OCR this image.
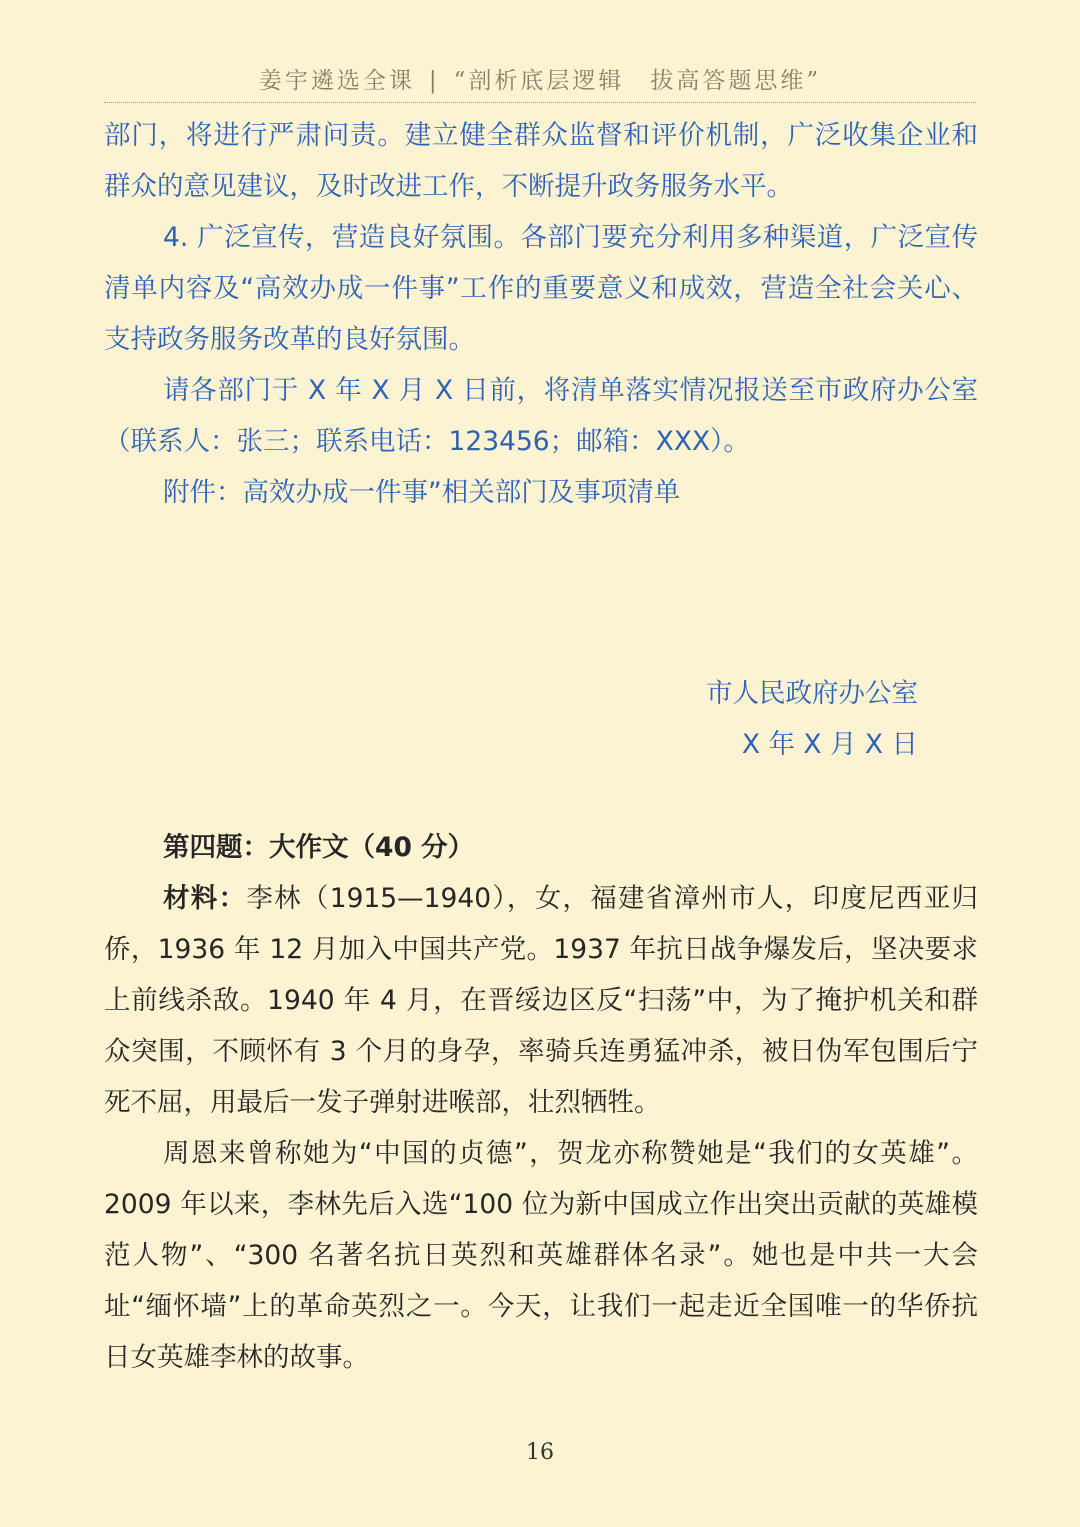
姜宇遴选全课 | “剖析底层逻辑　拔高答题思维”

部门，将进行严肃问责。建立健全群众监督和评价机制，广泛收集企业和群众的意见建议，及时改进工作，不断提升政务服务水平。

4. 广泛宣传，营造良好氛围。各部门要充分利用多种渠道，广泛宣传清单内容及“高效办成一件事”工作的重要意义和成效，营造全社会关心、支持政务服务改革的良好氛围。

请各部门于 X 年 X 月 X 日前，将清单落实情况报送至市政府办公室（联系人：张三；联系电话：123456；邮箱：XXX）。

附件：高效办成一件事”相关部门及事项清单

市人民政府办公室
X 年 X 月 X 日

第四题：大作文（40 分）

材料：李林（1915—1940），女，福建省漳州市人，印度尼西亚归侨，1936 年 12 月加入中国共产党。1937 年抗日战争爆发后，坚决要求上前线杀敌。1940 年 4 月，在晋绥边区反“扫荡”中，为了掩护机关和群众突围，不顾怀有 3 个月的身孕，率骑兵连勇猛冲杀，被日伪军包围后宁死不屈，用最后一发子弹射进喉部，壮烈牺牲。

周恩来曾称她为“中国的贞德”，贺龙亦称赞她是“我们的女英雄”。2009 年以来，李林先后入选“100 位为新中国成立作出突出贡献的英雄模范人物”、“300 名著名抗日英烈和英雄群体名录”。她也是中共一大会址“缅怀墙”上的革命英烈之一。今天，让我们一起走近全国唯一的华侨抗日女英雄李林的故事。

16
